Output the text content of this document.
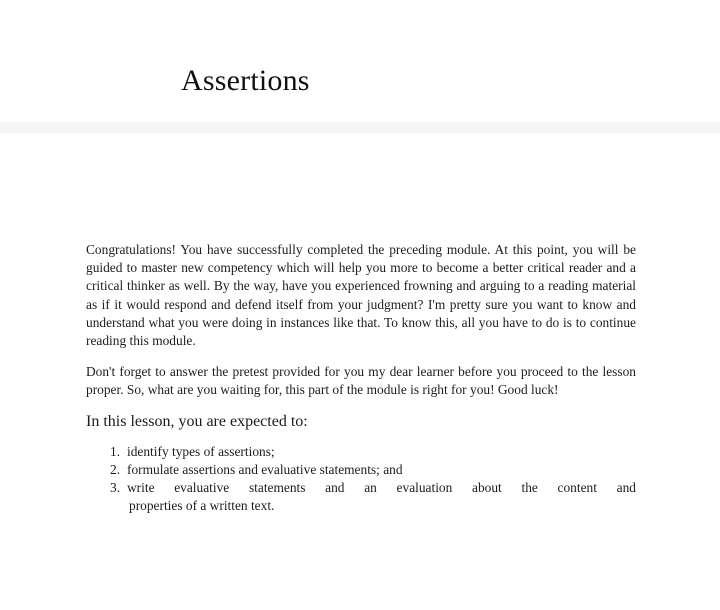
Assertions

Congratulations! You have successfully completed the preceding module. At this point, you will be guided to master new competency which will help you more to become a better critical reader and a critical thinker as well. By the way, have you experienced frowning and arguing to a reading material as if it would respond and defend itself from your judgment? I'm pretty sure you want to know and understand what you were doing in instances like that. To know this, all you have to do is to continue reading this module.

Don't forget to answer the pretest provided for you my dear learner before you proceed to the lesson proper. So, what are you waiting for, this part of the module is right for you! Good luck!

In this lesson, you are expected to:

1. identify types of assertions;
2. formulate assertions and evaluative statements; and
3. write evaluative statements and an evaluation about the content and
properties of a written text.
